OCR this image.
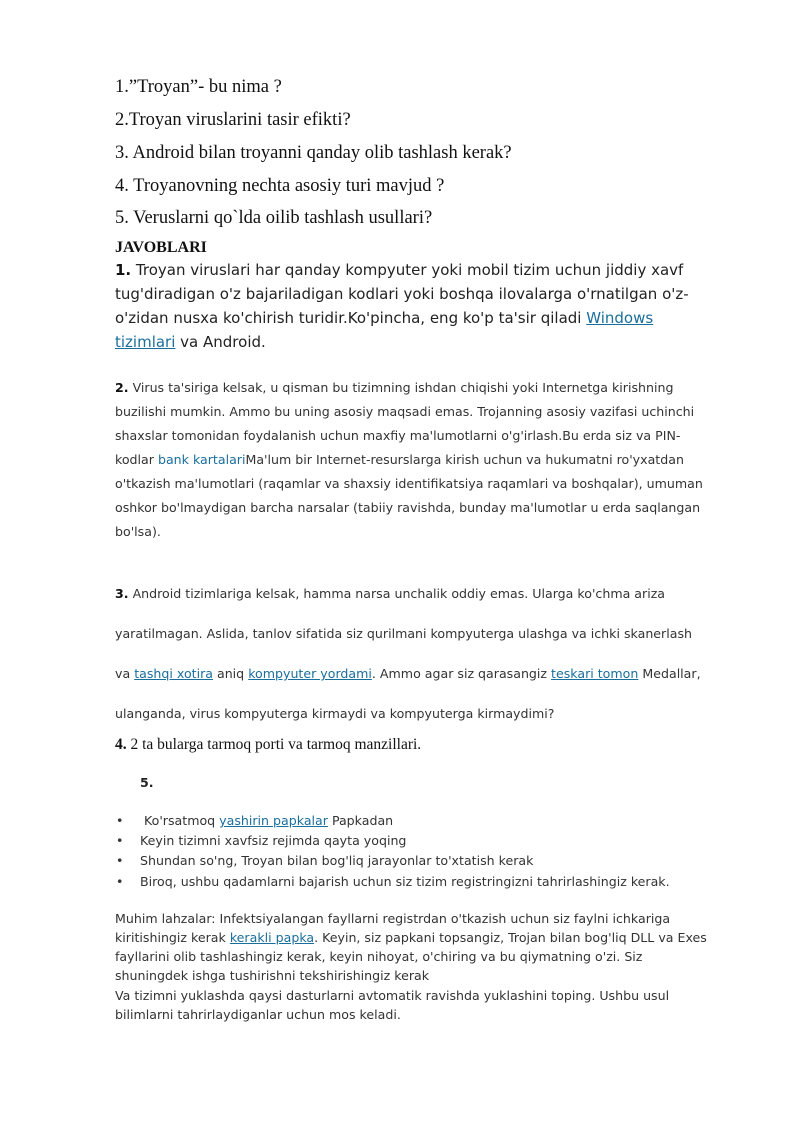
1.”Troyan”- bu nima ?
2.Troyan viruslarini tasir efikti?
3. Android bilan troyanni qanday olib tashlash kerak?
4. Troyanovning nechta asosiy turi mavjud ?
5. Veruslarni qo`lda oilib tashlash usullari?
JAVOBLARI
1. Troyan viruslari har qanday kompyuter yoki mobil tizim uchun jiddiy xavf
tug'diradigan o'z bajariladigan kodlari yoki boshqa ilovalarga o'rnatilgan o'z-
o'zidan nusxa ko'chirish turidir.Ko'pincha, eng ko'p ta'sir qiladi Windows
tizimlari va Android.
2. Virus ta'siriga kelsak, u qisman bu tizimning ishdan chiqishi yoki Internetga kirishning
buzilishi mumkin. Ammo bu uning asosiy maqsadi emas. Trojanning asosiy vazifasi uchinchi
shaxslar tomonidan foydalanish uchun maxfiy ma'lumotlarni o'g'irlash.Bu erda siz va PIN-
kodlar bank kartalariMa'lum bir Internet-resurslarga kirish uchun va hukumatni ro'yxatdan
o'tkazish ma'lumotlari (raqamlar va shaxsiy identifikatsiya raqamlari va boshqalar), umuman
oshkor bo'lmaydigan barcha narsalar (tabiiy ravishda, bunday ma'lumotlar u erda saqlangan
bo'lsa).
3. Android tizimlariga kelsak, hamma narsa unchalik oddiy emas. Ularga ko'chma ariza
yaratilmagan. Aslida, tanlov sifatida siz qurilmani kompyuterga ulashga va ichki skanerlash
va tashqi xotira aniq kompyuter yordami. Ammo agar siz qarasangiz teskari tomon Medallar,
ulanganda, virus kompyuterga kirmaydi va kompyuterga kirmaydimi?
4. 2 ta bularga tarmoq porti va tarmoq manzillari.
5.
• Ko'rsatmoq yashirin papkalar Papkadan
• Keyin tizimni xavfsiz rejimda qayta yoqing
• Shundan so'ng, Troyan bilan bog'liq jarayonlar to'xtatish kerak
• Biroq, ushbu qadamlarni bajarish uchun siz tizim registringizni tahrirlashingiz kerak.
Muhim lahzalar: Infektsiyalangan fayllarni registrdan o'tkazish uchun siz faylni ichkariga
kiritishingiz kerak kerakli papka. Keyin, siz papkani topsangiz, Trojan bilan bog'liq DLL va Exes
fayllarini olib tashlashingiz kerak, keyin nihoyat, o'chiring va bu qiymatning o'zi. Siz
shuningdek ishga tushirishni tekshirishingiz kerak
Va tizimni yuklashda qaysi dasturlarni avtomatik ravishda yuklashini toping. Ushbu usul
bilimlarni tahrirlaydiganlar uchun mos keladi.
